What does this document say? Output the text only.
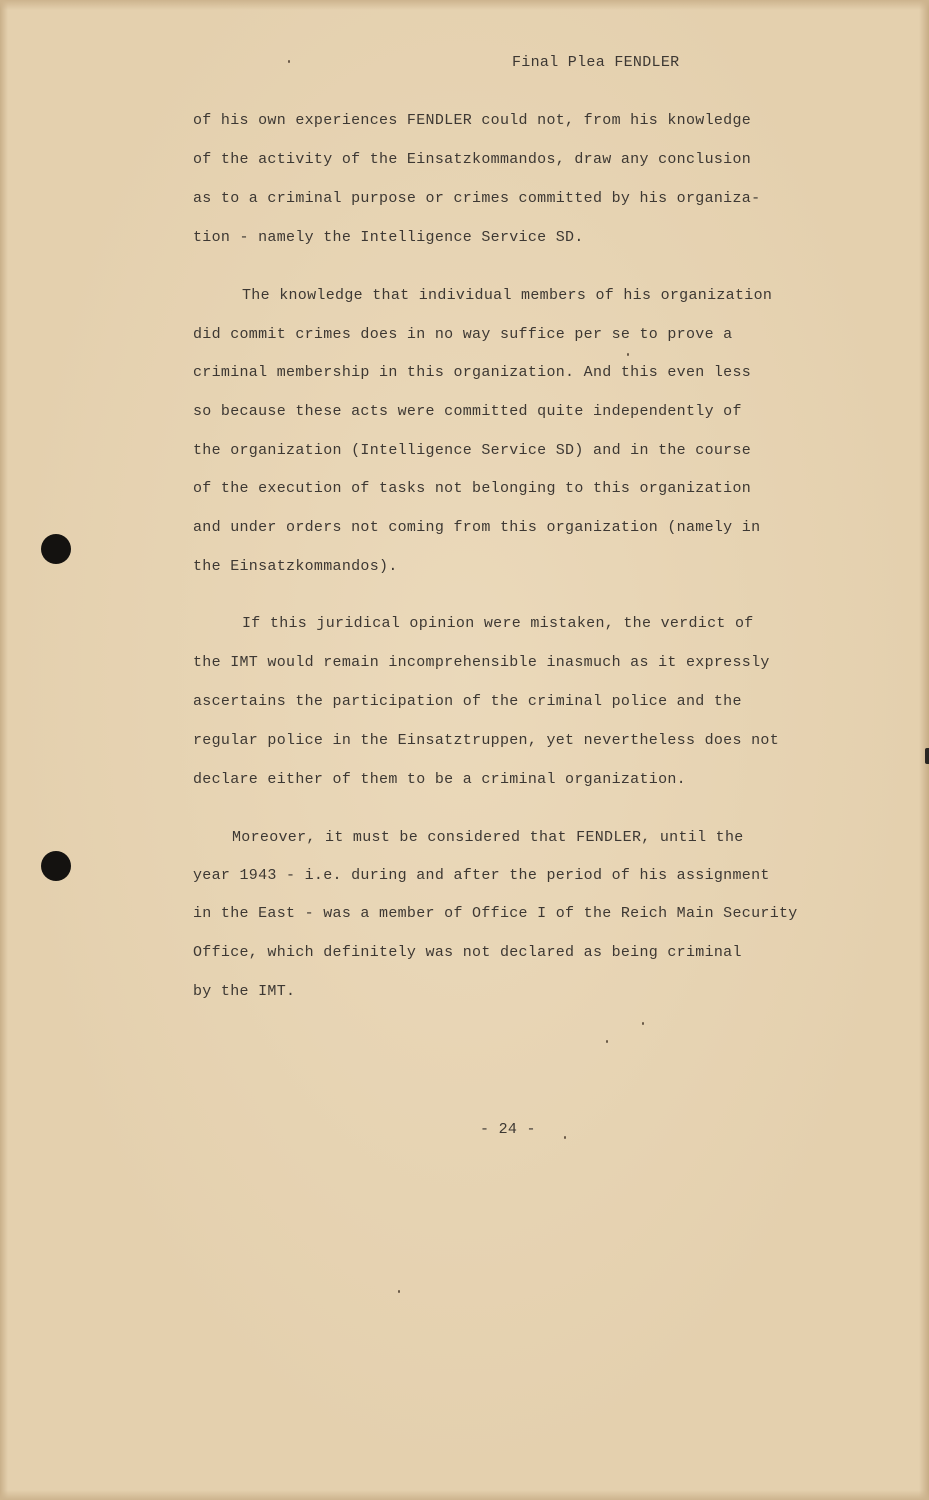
Final Plea FENDLER
of his own experiences FENDLER could not, from his knowledge
of the activity of the Einsatzkommandos, draw any conclusion
as to a criminal purpose or crimes committed by his organiza-
tion - namely the Intelligence Service SD.
The knowledge that individual members of his organization
did commit crimes does in no way suffice per se to prove a
criminal membership in this organization. And this even less
so because these acts were committed quite independently of
the organization (Intelligence Service SD) and in the course
of the execution of tasks not belonging to this organization
and under orders not coming from this organization (namely in
the Einsatzkommandos).
If this juridical opinion were mistaken, the verdict of
the IMT would remain incomprehensible inasmuch as it expressly
ascertains the participation of the criminal police and the
regular police in the Einsatztruppen, yet nevertheless does not
declare either of them to be a criminal organization.
Moreover, it must be considered that FENDLER, until the
year 1943 - i.e. during and after the period of his assignment
in the East - was a member of Office I of the Reich Main Security
Office, which definitely was not declared as being criminal
by the IMT.
- 24 -
